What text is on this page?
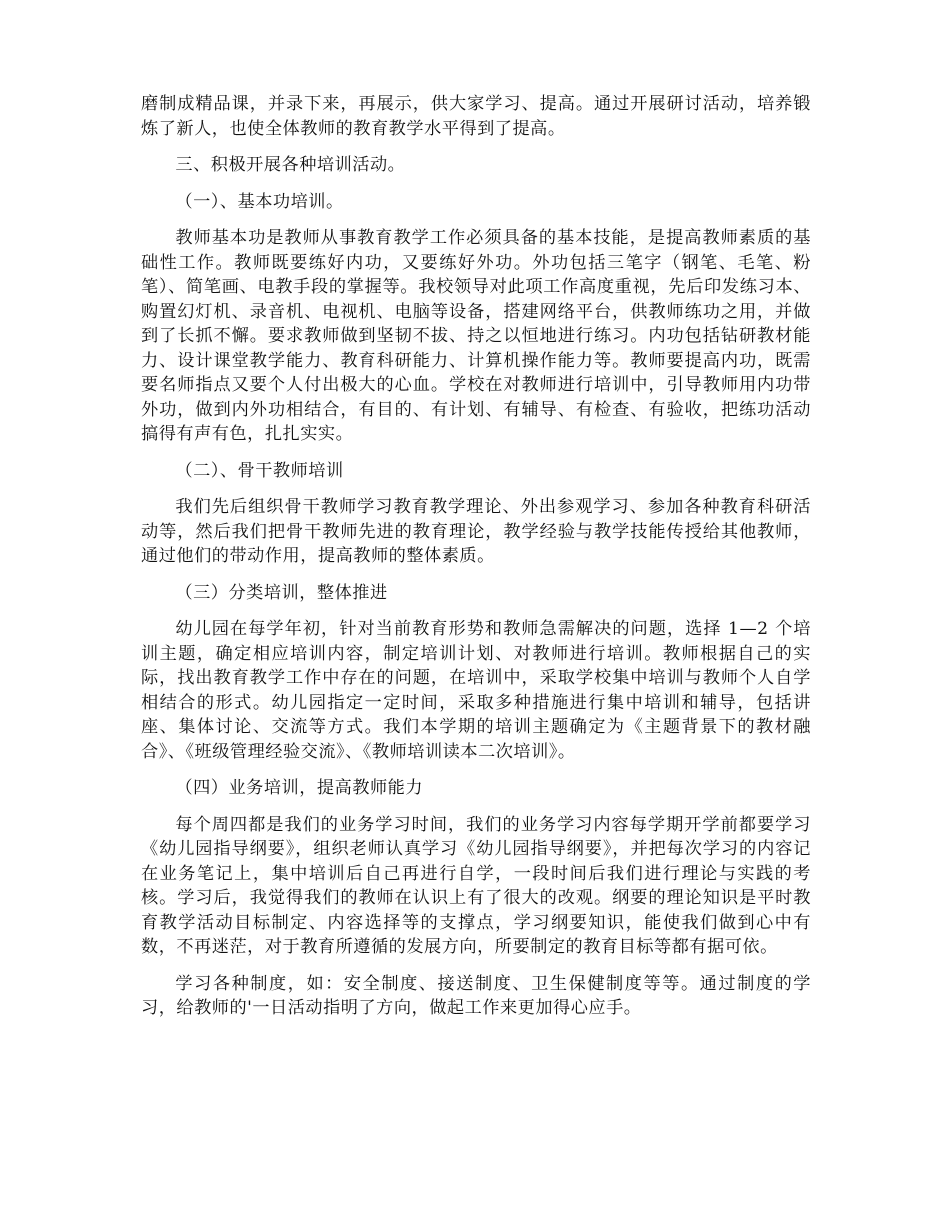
磨制成精品课，并录下来，再展示，供大家学习、提高。通过开展研讨活动，培养锻炼了新人，也使全体教师的教育教学水平得到了提高。

三、积极开展各种培训活动。

（一）、基本功培训。

教师基本功是教师从事教育教学工作必须具备的基本技能，是提高教师素质的基础性工作。教师既要练好内功，又要练好外功。外功包括三笔字（钢笔、毛笔、粉笔）、简笔画、电教手段的掌握等。我校领导对此项工作高度重视，先后印发练习本、购置幻灯机、录音机、电视机、电脑等设备，搭建网络平台，供教师练功之用，并做到了长抓不懈。要求教师做到坚韧不拔、持之以恒地进行练习。内功包括钻研教材能力、设计课堂教学能力、教育科研能力、计算机操作能力等。教师要提高内功，既需要名师指点又要个人付出极大的心血。学校在对教师进行培训中，引导教师用内功带外功，做到内外功相结合，有目的、有计划、有辅导、有检查、有验收，把练功活动搞得有声有色，扎扎实实。

（二）、骨干教师培训

我们先后组织骨干教师学习教育教学理论、外出参观学习、参加各种教育科研活动等，然后我们把骨干教师先进的教育理论，教学经验与教学技能传授给其他教师，通过他们的带动作用，提高教师的整体素质。

（三）分类培训，整体推进

幼儿园在每学年初，针对当前教育形势和教师急需解决的问题，选择 1—2 个培训主题，确定相应培训内容，制定培训计划、对教师进行培训。教师根据自己的实际，找出教育教学工作中存在的问题，在培训中，采取学校集中培训与教师个人自学相结合的形式。幼儿园指定一定时间，采取多种措施进行集中培训和辅导，包括讲座、集体讨论、交流等方式。我们本学期的培训主题确定为《主题背景下的教材融合》、《班级管理经验交流》、《教师培训读本二次培训》。

（四）业务培训，提高教师能力

每个周四都是我们的业务学习时间，我们的业务学习内容每学期开学前都要学习《幼儿园指导纲要》，组织老师认真学习《幼儿园指导纲要》，并把每次学习的内容记在业务笔记上，集中培训后自己再进行自学，一段时间后我们进行理论与实践的考核。学习后，我觉得我们的教师在认识上有了很大的改观。纲要的理论知识是平时教育教学活动目标制定、内容选择等的支撑点，学习纲要知识，能使我们做到心中有数，不再迷茫，对于教育所遵循的发展方向，所要制定的教育目标等都有据可依。

学习各种制度，如：安全制度、接送制度、卫生保健制度等等。通过制度的学习，给教师的'一日活动指明了方向，做起工作来更加得心应手。
